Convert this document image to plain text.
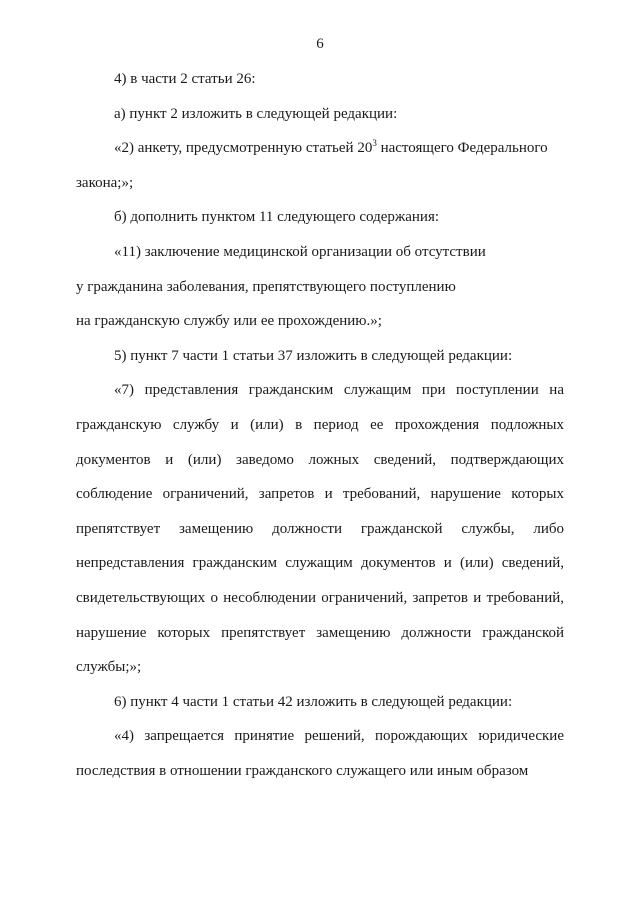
6

4) в части 2 статьи 26:

а) пункт 2 изложить в следующей редакции:

«2) анкету, предусмотренную статьей $20^3$ настоящего Федерального

закона;»;

б) дополнить пунктом 11 следующего содержания:

«11) заключение медицинской организации об отсутствии

у гражданина заболевания, препятствующего поступлению

на гражданскую службу или ее прохождению.»;

5) пункт 7 части 1 статьи 37 изложить в следующей редакции:

«7) представления гражданским служащим при поступлении на гражданскую службу и (или) в период ее прохождения подложных документов и (или) заведомо ложных сведений, подтверждающих соблюдение ограничений, запретов и требований, нарушение которых препятствует замещению должности гражданской службы, либо непредставления гражданским служащим документов и (или) сведений, свидетельствующих о несоблюдении ограничений, запретов и требований, нарушение которых препятствует замещению должности гражданской службы;»;

6) пункт 4 части 1 статьи 42 изложить в следующей редакции:

«4) запрещается принятие решений, порождающих юридические последствия в отношении гражданского служащего или иным образом
